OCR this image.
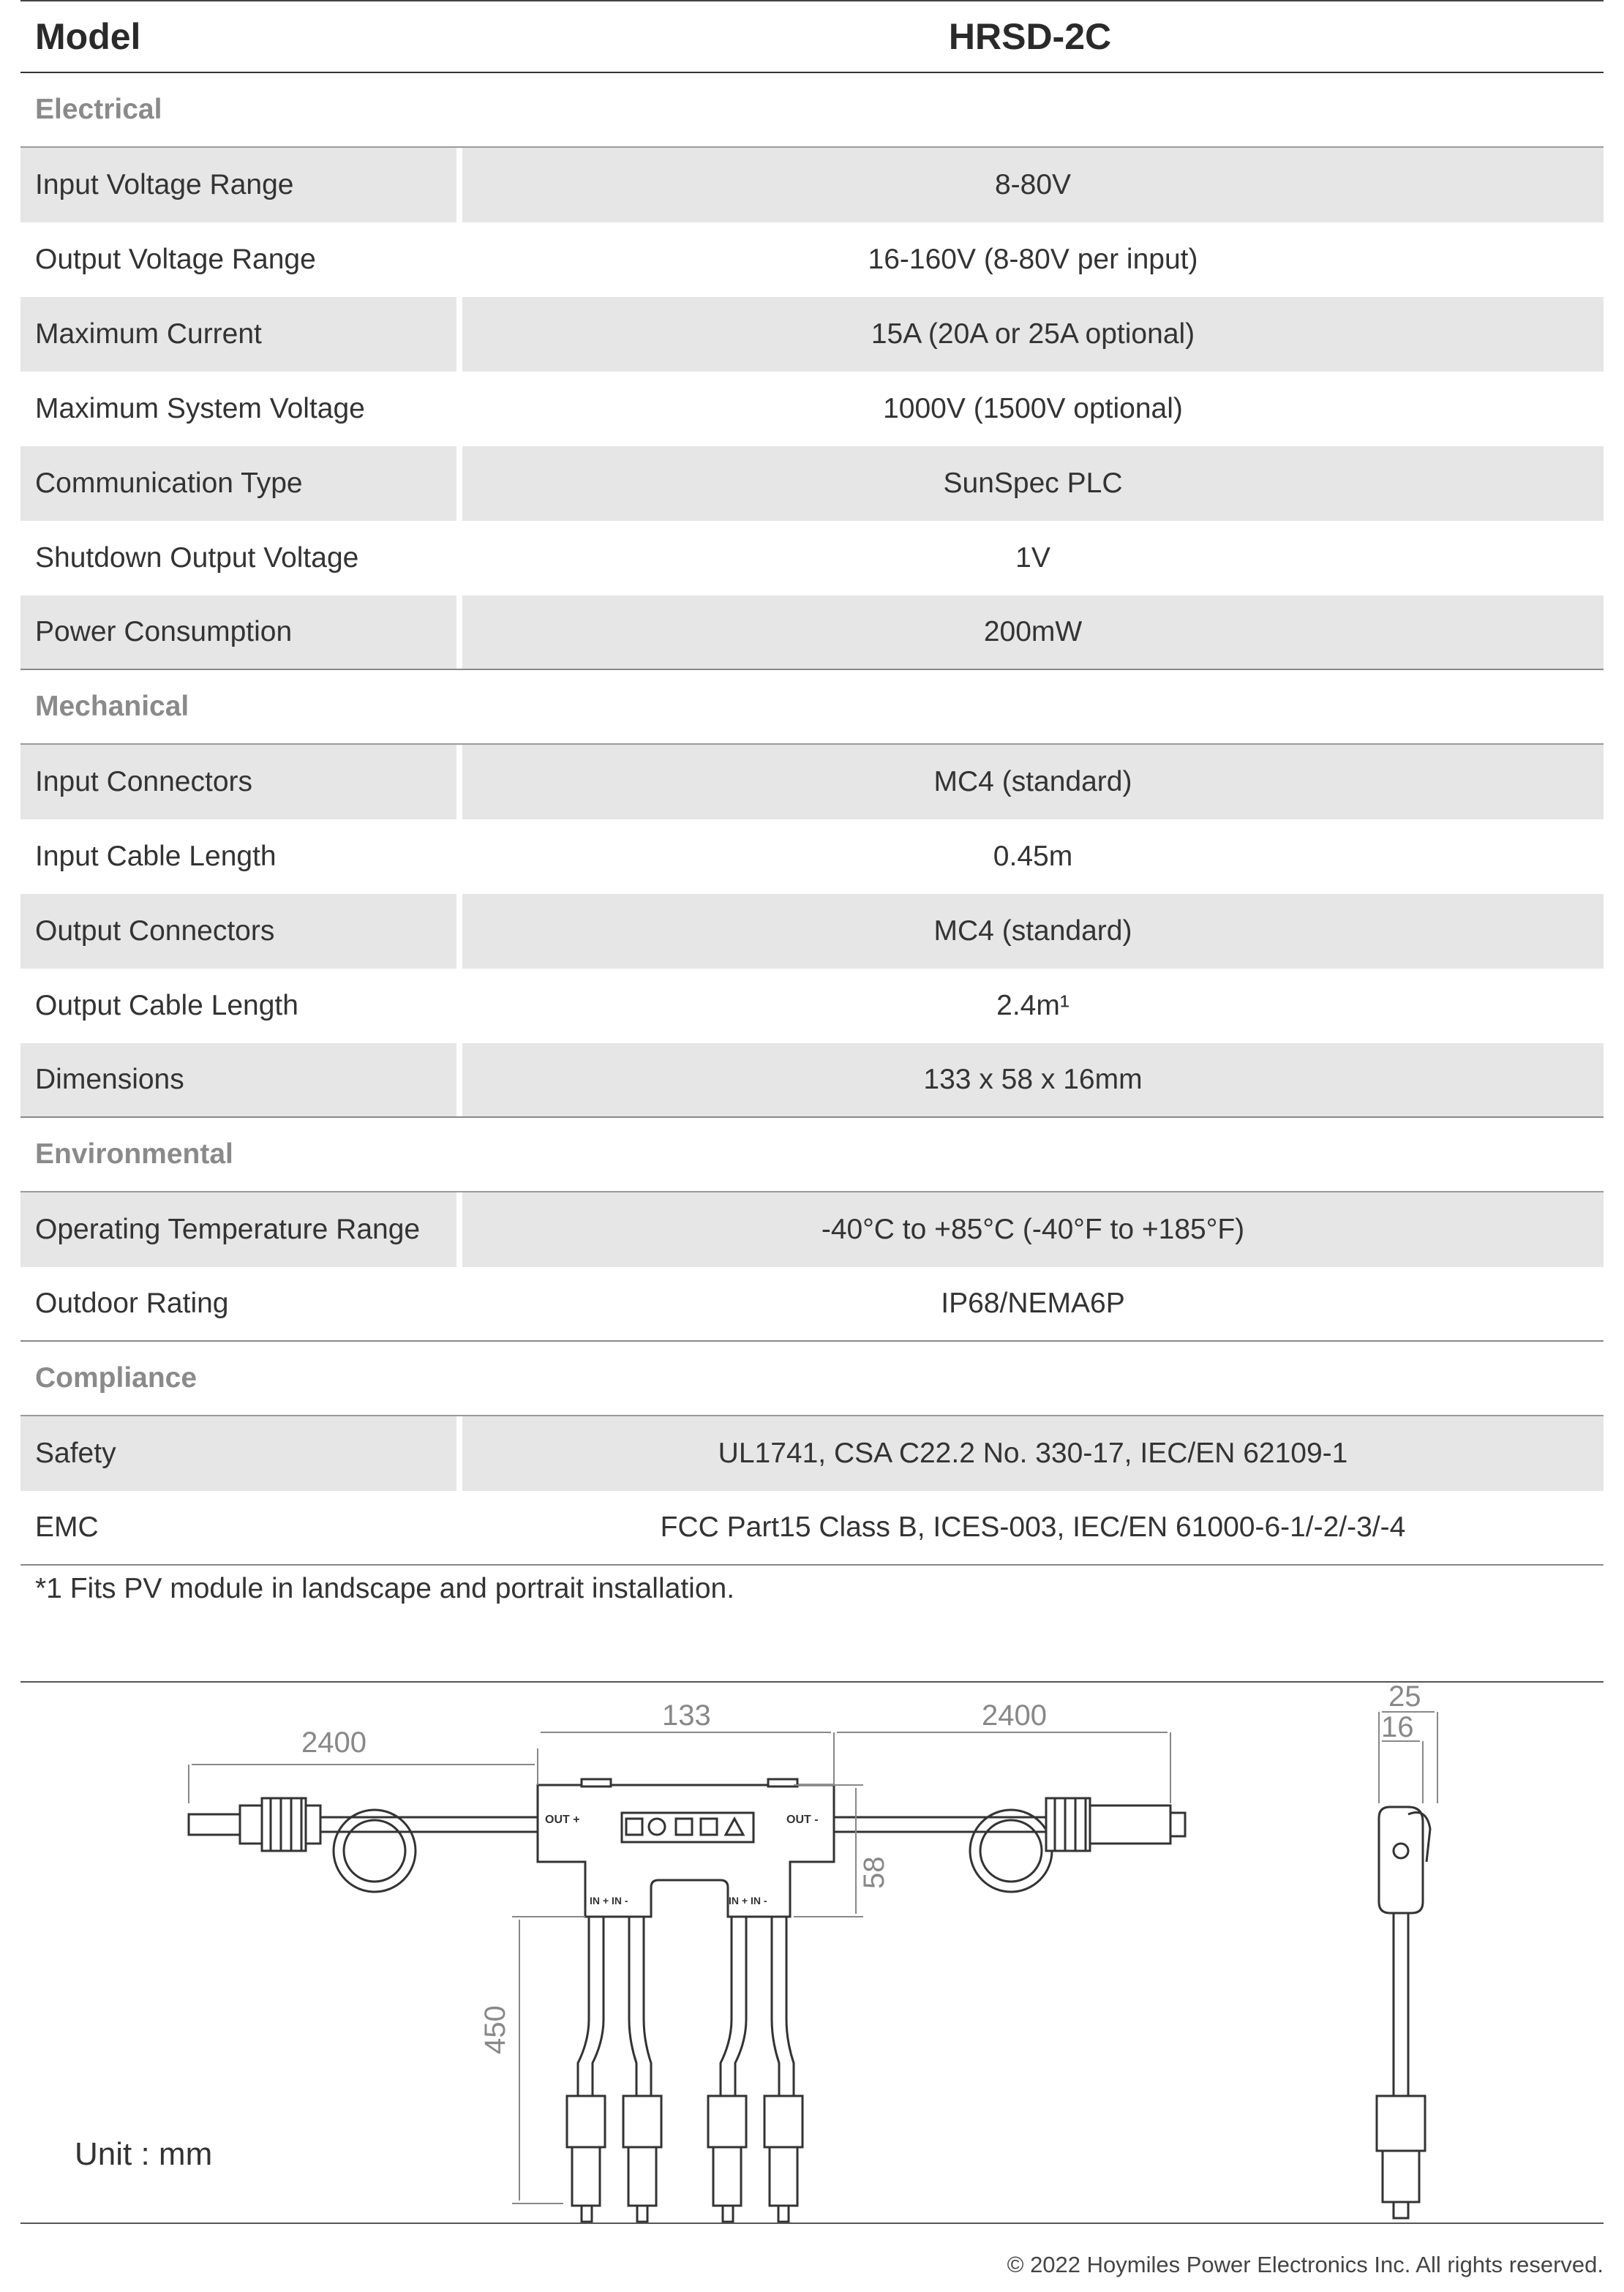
Model	HRSD-2C
Electrical
Input Voltage Range	8-80V
Output Voltage Range	16-160V (8-80V per input)
Maximum Current	15A (20A or 25A optional)
Maximum System Voltage	1000V (1500V optional)
Communication Type	SunSpec PLC
Shutdown Output Voltage	1V
Power Consumption	200mW
Mechanical
Input Connectors	MC4 (standard)
Input Cable Length	0.45m
Output Connectors	MC4 (standard)
Output Cable Length	2.4m¹
Dimensions	133 x 58 x 16mm
Environmental
Operating Temperature Range	-40°C to +85°C (-40°F to +185°F)
Outdoor Rating	IP68/NEMA6P
Compliance
Safety	UL1741, CSA C22.2 No. 330-17, IEC/EN 62109-1
EMC	FCC Part15 Class B, ICES-003, IEC/EN 61000-6-1/-2/-3/-4
*1 Fits PV module in landscape and portrait installation.
OUT +	OUT -
IN + IN -	IN + IN -
2400
133	2400
58
450
25
16
Unit : mm
© 2022 Hoymiles Power Electronics Inc. All rights reserved.
